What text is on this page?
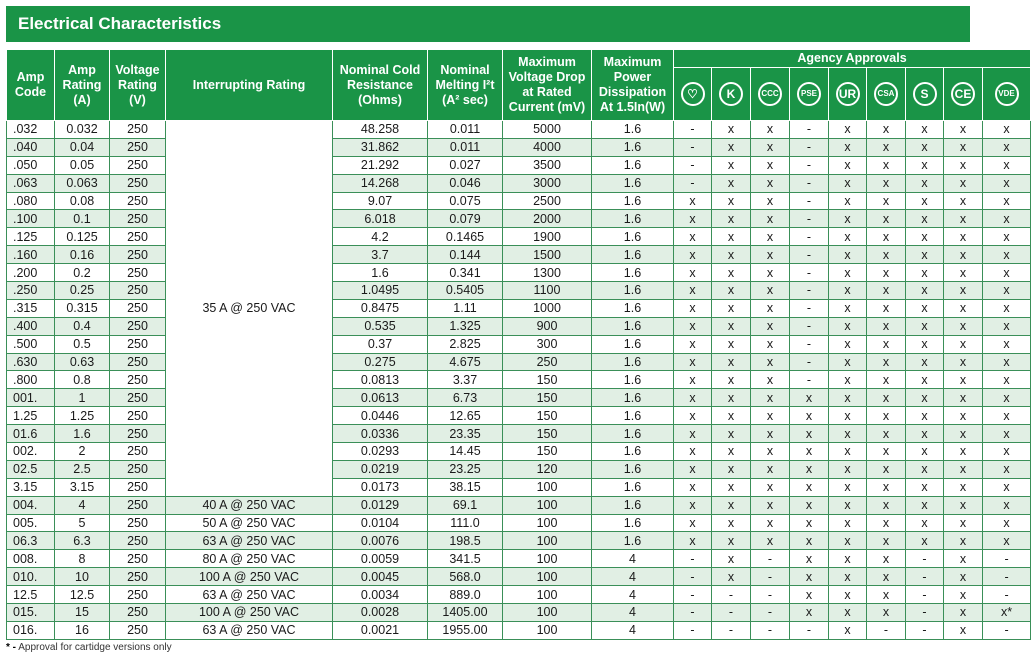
Electrical Characteristics
Amp Code	Amp Rating (A)	Voltage Rating (V)	Interrupting Rating	Nominal Cold Resistance (Ohms)	Nominal Melting I²t (A² sec)	Maximum Voltage Drop at Rated Current (mV)	Maximum Power Dissipation At 1.5In(W)	Agency Approvals								
								♡	K	CCC	PSE	UR	CSA	S	CE	VDE
.032	0.032	250	35 A @ 250 VAC	48.258	0.011	5000	1.6	-	x	x	-	x	x	x	x	x
.040	0.04	250		31.862	0.011	4000	1.6	-	x	x	-	x	x	x	x	x
.050	0.05	250		21.292	0.027	3500	1.6	-	x	x	-	x	x	x	x	x
.063	0.063	250		14.268	0.046	3000	1.6	-	x	x	-	x	x	x	x	x
.080	0.08	250		9.07	0.075	2500	1.6	x	x	x	-	x	x	x	x	x
.100	0.1	250		6.018	0.079	2000	1.6	x	x	x	-	x	x	x	x	x
.125	0.125	250		4.2	0.1465	1900	1.6	x	x	x	-	x	x	x	x	x
.160	0.16	250		3.7	0.144	1500	1.6	x	x	x	-	x	x	x	x	x
.200	0.2	250		1.6	0.341	1300	1.6	x	x	x	-	x	x	x	x	x
.250	0.25	250		1.0495	0.5405	1100	1.6	x	x	x	-	x	x	x	x	x
.315	0.315	250		0.8475	1.11	1000	1.6	x	x	x	-	x	x	x	x	x
.400	0.4	250		0.535	1.325	900	1.6	x	x	x	-	x	x	x	x	x
.500	0.5	250		0.37	2.825	300	1.6	x	x	x	-	x	x	x	x	x
.630	0.63	250		0.275	4.675	250	1.6	x	x	x	-	x	x	x	x	x
.800	0.8	250		0.0813	3.37	150	1.6	x	x	x	-	x	x	x	x	x
001.	1	250		0.0613	6.73	150	1.6	x	x	x	x	x	x	x	x	x
1.25	1.25	250		0.0446	12.65	150	1.6	x	x	x	x	x	x	x	x	x
01.6	1.6	250		0.0336	23.35	150	1.6	x	x	x	x	x	x	x	x	x
002.	2	250		0.0293	14.45	150	1.6	x	x	x	x	x	x	x	x	x
02.5	2.5	250		0.0219	23.25	120	1.6	x	x	x	x	x	x	x	x	x
3.15	3.15	250		0.0173	38.15	100	1.6	x	x	x	x	x	x	x	x	x
004.	4	250	40 A @ 250 VAC	0.0129	69.1	100	1.6	x	x	x	x	x	x	x	x	x
005.	5	250	50 A @ 250 VAC	0.0104	111.0	100	1.6	x	x	x	x	x	x	x	x	x
06.3	6.3	250	63 A @ 250 VAC	0.0076	198.5	100	1.6	x	x	x	x	x	x	x	x	x
008.	8	250	80 A @ 250 VAC	0.0059	341.5	100	4	-	x	-	x	x	x	-	x	-
010.	10	250	100 A @ 250 VAC	0.0045	568.0	100	4	-	x	-	x	x	x	-	x	-
12.5	12.5	250	63 A @ 250 VAC	0.0034	889.0	100	4	-	-	-	x	x	x	-	x	-
015.	15	250	100 A @ 250 VAC	0.0028	1405.00	100	4	-	-	-	x	x	x	-	x	x*
016.	16	250	63 A @ 250 VAC	0.0021	1955.00	100	4	-	-	-	-	x	-	-	x	-
* - Approval for cartidge versions only
